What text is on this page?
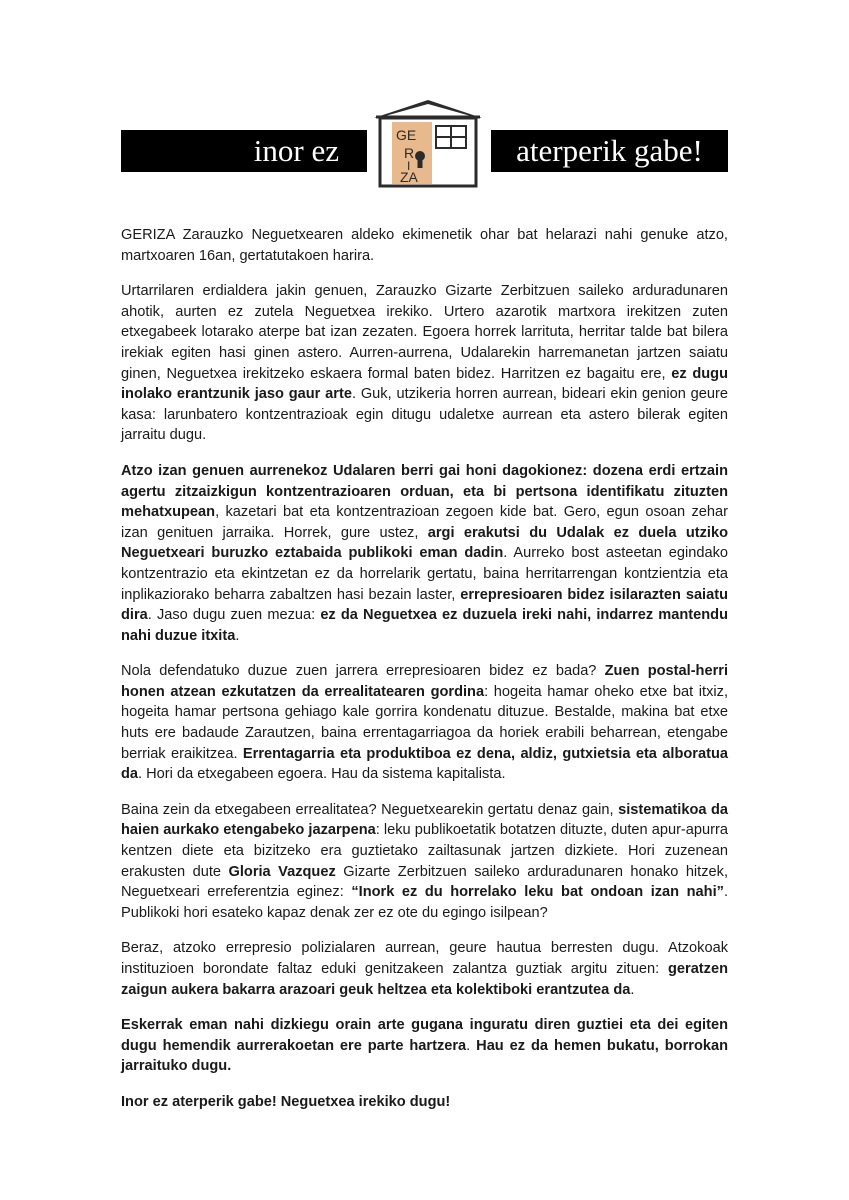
inor ez	GE
R
I
ZA
aterperik gabe!

GERIZA Zarauzko Neguetxearen aldeko ekimenetik ohar bat helarazi nahi genuke atzo, martxoaren 16an, gertatutakoen harira.

Urtarrilaren erdialdera jakin genuen, Zarauzko Gizarte Zerbitzuen saileko arduradunaren ahotik, aurten ez zutela Neguetxea irekiko. Urtero azarotik martxora irekitzen zuten etxegabeek lotarako aterpe bat izan zezaten. Egoera horrek larrituta, herritar talde bat bilera irekiak egiten hasi ginen astero. Aurren-aurrena, Udalarekin harremanetan jartzen saiatu ginen, Neguetxea irekitzeko eskaera formal baten bidez. Harritzen ez bagaitu ere, ez dugu inolako erantzunik jaso gaur arte. Guk, utzikeria horren aurrean, bideari ekin genion geure kasa: larunbatero kontzentrazioak egin ditugu udaletxe aurrean eta astero bilerak egiten jarraitu dugu.

Atzo izan genuen aurrenekoz Udalaren berri gai honi dagokionez: dozena erdi ertzain agertu zitzaizkigun kontzentrazioaren orduan, eta bi pertsona identifikatu zituzten mehatxupean, kazetari bat eta kontzentrazioan zegoen kide bat. Gero, egun osoan zehar izan genituen jarraika. Horrek, gure ustez, argi erakutsi du Udalak ez duela utziko Neguetxeari buruzko eztabaida publikoki eman dadin. Aurreko bost asteetan egindako kontzentrazio eta ekintzetan ez da horrelarik gertatu, baina herritarrengan kontzientzia eta inplikaziorako beharra zabaltzen hasi bezain laster, errepresioaren bidez isilarazten saiatu dira. Jaso dugu zuen mezua: ez da Neguetxea ez duzuela ireki nahi, indarrez mantendu nahi duzue itxita.

Nola defendatuko duzue zuen jarrera errepresioaren bidez ez bada? Zuen postal-herri honen atzean ezkutatzen da errealitatearen gordina: hogeita hamar oheko etxe bat itxiz, hogeita hamar pertsona gehiago kale gorrira kondenatu dituzue. Bestalde, makina bat etxe huts ere badaude Zarautzen, baina errentagarriagoa da horiek erabili beharrean, etengabe berriak eraikitzea. Errentagarria eta produktiboa ez dena, aldiz, gutxietsia eta alboratua da. Hori da etxegabeen egoera. Hau da sistema kapitalista.

Baina zein da etxegabeen errealitatea? Neguetxearekin gertatu denaz gain, sistematikoa da haien aurkako etengabeko jazarpena: leku publikoetatik botatzen dituzte, duten apur-apurra kentzen diete eta bizitzeko era guztietako zailtasunak jartzen dizkiete. Hori zuzenean erakusten dute Gloria Vazquez Gizarte Zerbitzuen saileko arduradunaren honako hitzek, Neguetxeari erreferentzia eginez: “Inork ez du horrelako leku bat ondoan izan nahi”. Publikoki hori esateko kapaz denak zer ez ote du egingo isilpean?

Beraz, atzoko errepresio polizialaren aurrean, geure hautua berresten dugu. Atzokoak instituzioen borondate faltaz eduki genitzakeen zalantza guztiak argitu zituen: geratzen zaigun aukera bakarra arazoari geuk heltzea eta kolektiboki erantzutea da.

Eskerrak eman nahi dizkiegu orain arte gugana inguratu diren guztiei eta dei egiten dugu hemendik aurrerakoetan ere parte hartzera. Hau ez da hemen bukatu, borrokan jarraituko dugu.

Inor ez aterperik gabe! Neguetxea irekiko dugu!
